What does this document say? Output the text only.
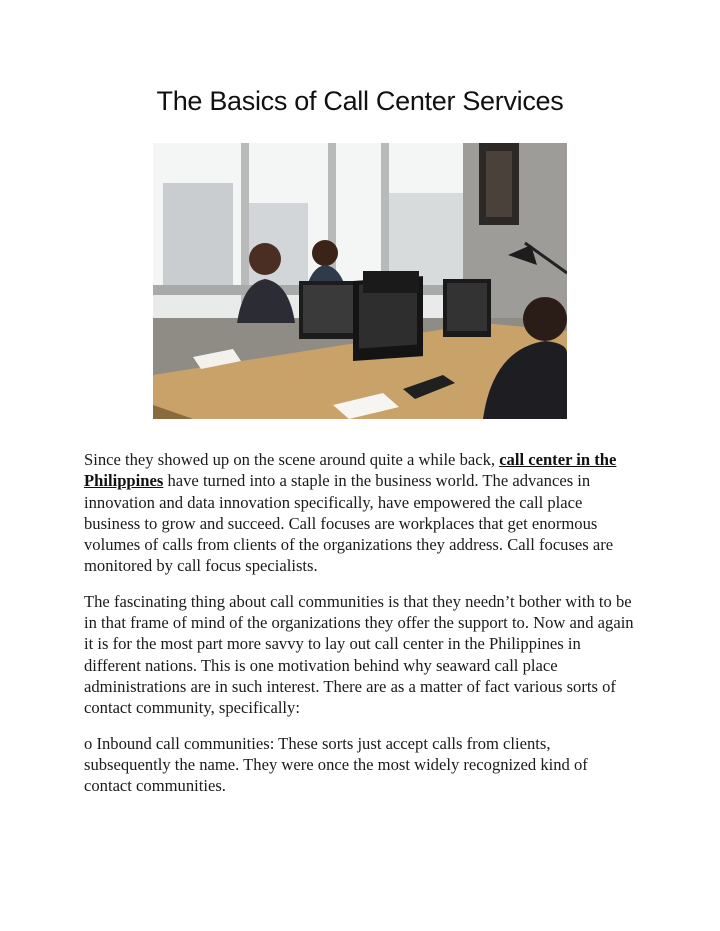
The Basics of Call Center Services

Since they showed up on the scene around quite a while back, call center in the Philippines have turned into a staple in the business world. The advances in innovation and data innovation specifically, have empowered the call place business to grow and succeed. Call focuses are workplaces that get enormous volumes of calls from clients of the organizations they address. Call focuses are monitored by call focus specialists.

The fascinating thing about call communities is that they needn’t bother with to be in that frame of mind of the organizations they offer the support to. Now and again it is for the most part more savvy to lay out call center in the Philippines in different nations. This is one motivation behind why seaward call place administrations are in such interest. There are as a matter of fact various sorts of contact community, specifically:

o Inbound call communities: These sorts just accept calls from clients, subsequently the name. They were once the most widely recognized kind of contact communities.
